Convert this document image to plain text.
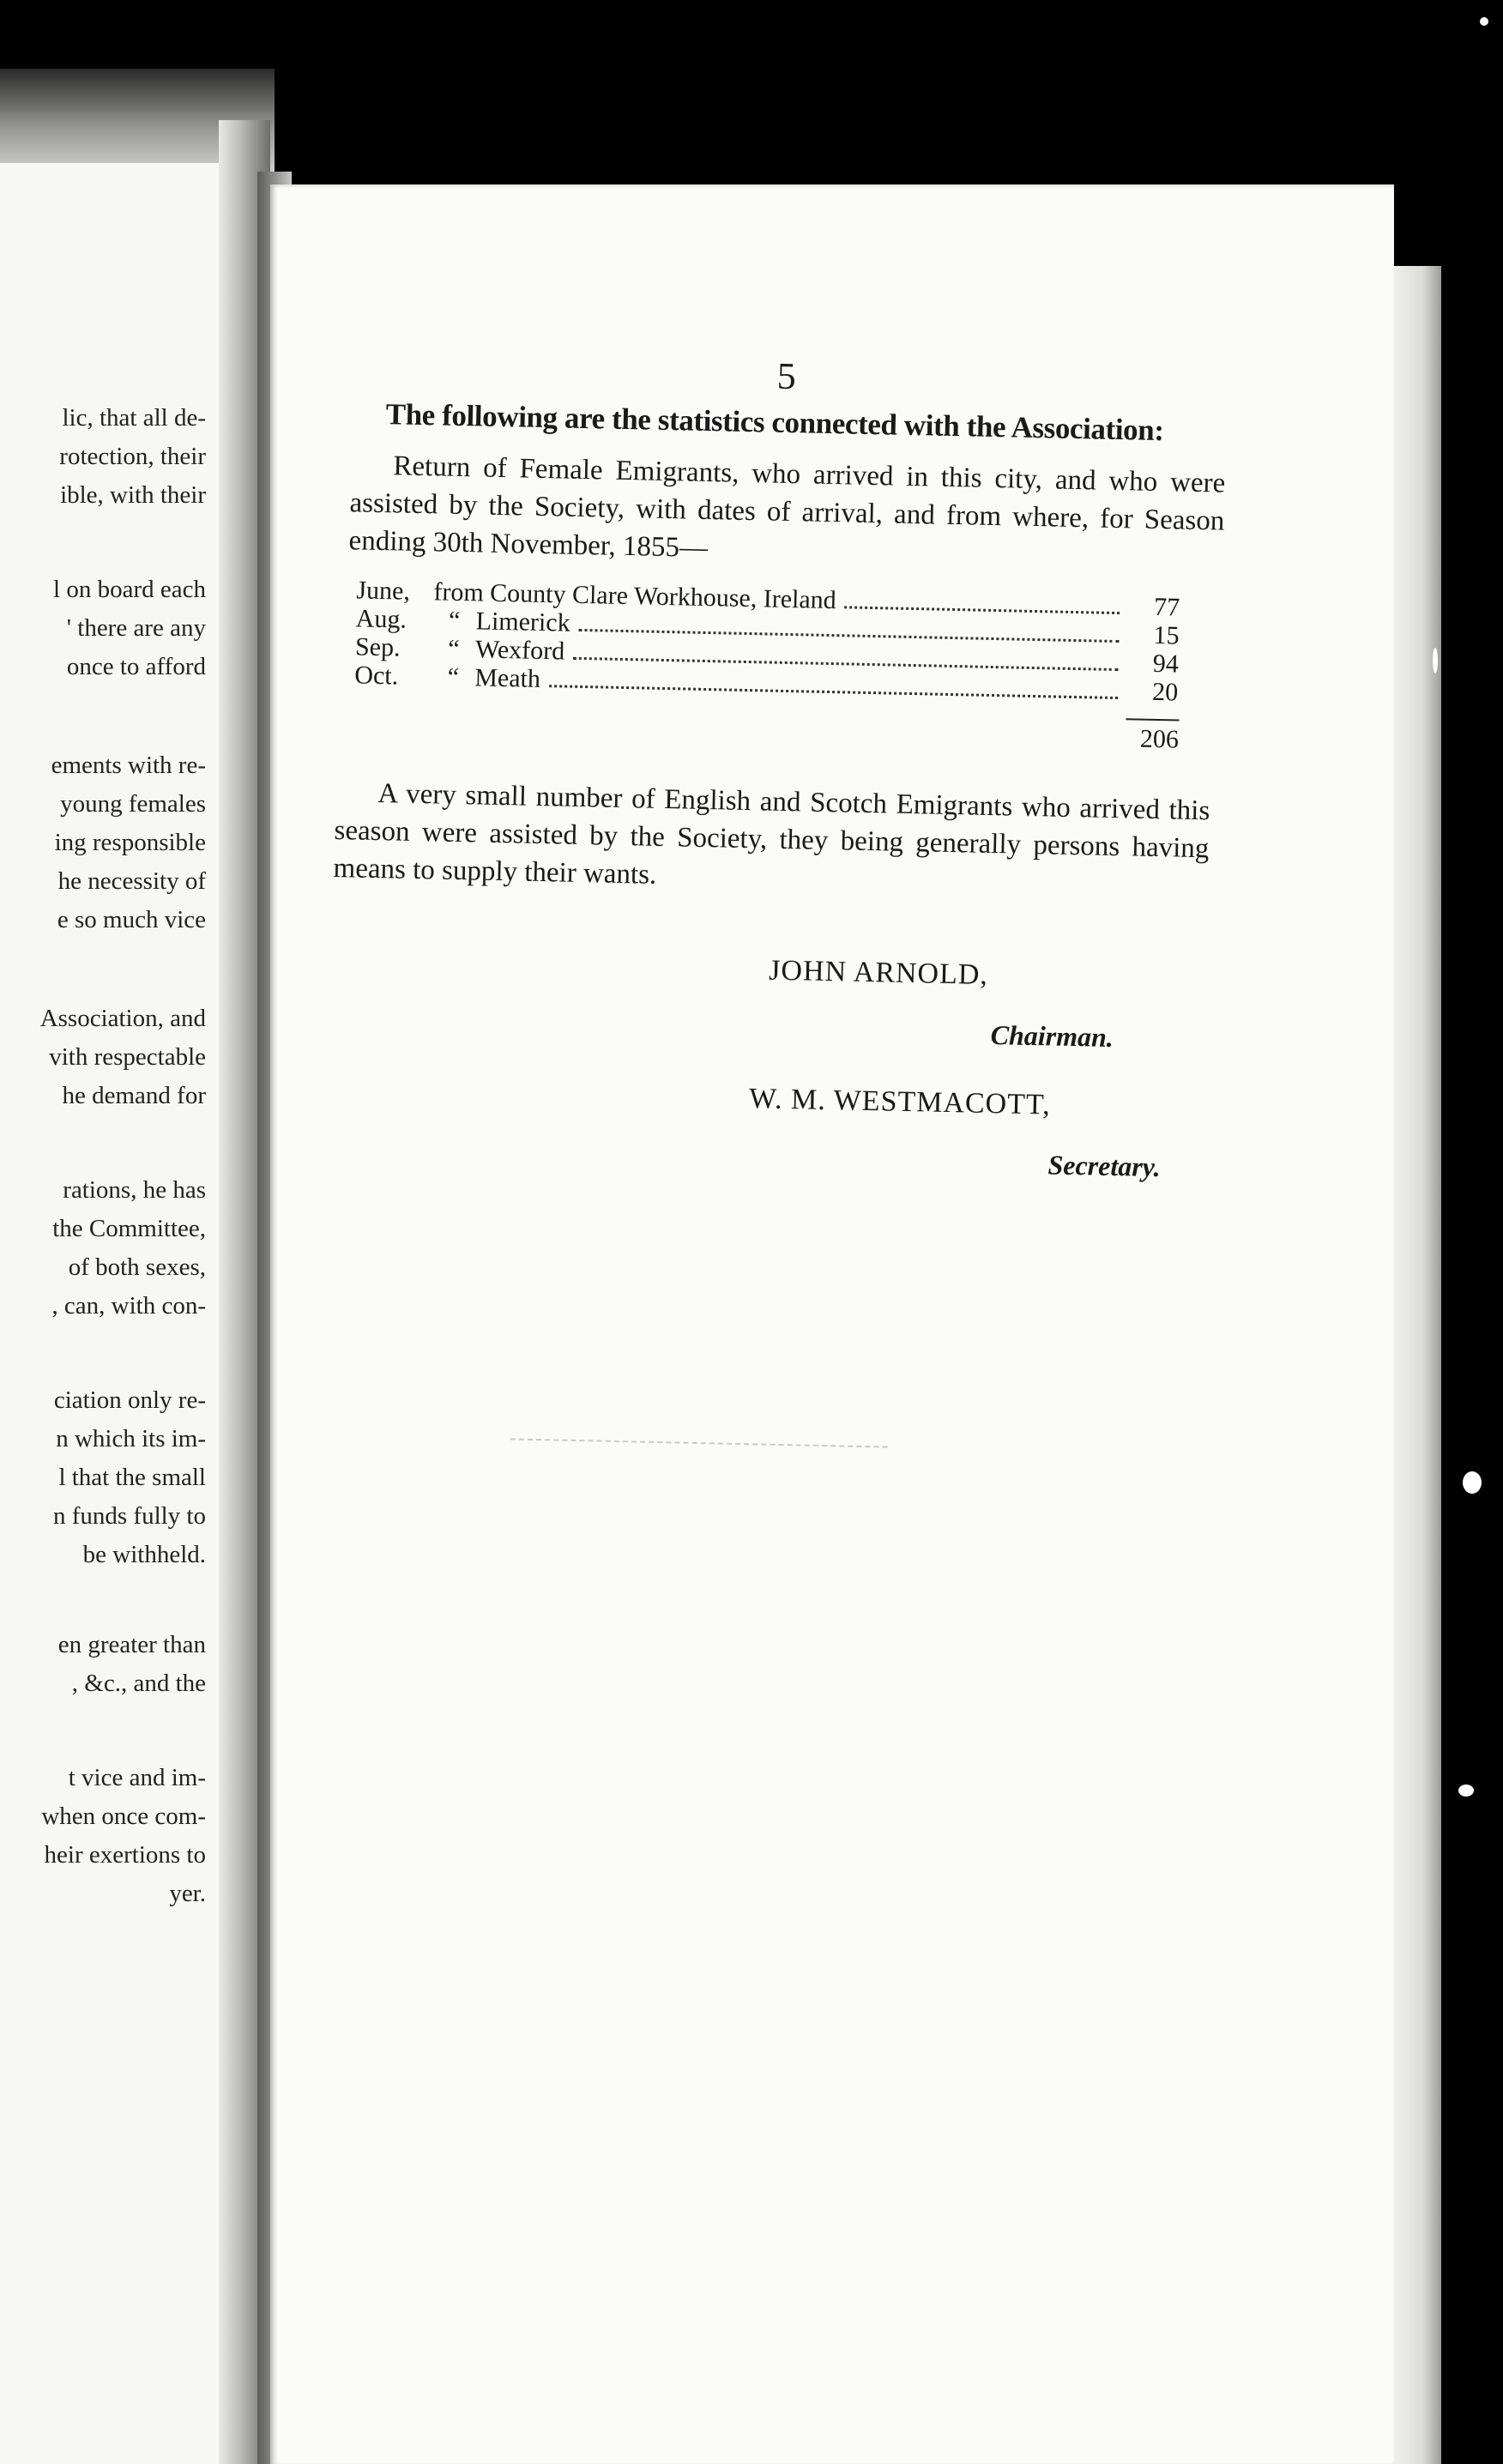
lic, that all de-
rotection, their
ible, with their
l on board each
' there are any
once to afford
ements with re-
young females
ing responsible
he necessity of
e so much vice
Association, and
vith respectable
he demand for
rations, he has
the Committee,
of both sexes,
, can, with con-
ciation only re-
n which its im-
l that the small
n funds fully to
be withheld.
en greater than
, &c., and the
t vice and im-
when once com-
heir exertions to
yer.
5
The following are the statistics connected with the Association:
Return of Female Emigrants, who arrived in this city, and who were assisted by the Society, with dates of arrival, and from where, for Season ending 30th November, 1855—
June, from County Clare Workhouse, Ireland	77
Aug.	“ Limerick	15
Sep.	“ Wexford	94
Oct.	“ Meath	20
206
A very small number of English and Scotch Emigrants who arrived this season were assisted by the Society, they being generally persons having means to supply their wants.
JOHN ARNOLD,
Chairman.
W. M. WESTMACOTT,
Secretary.
